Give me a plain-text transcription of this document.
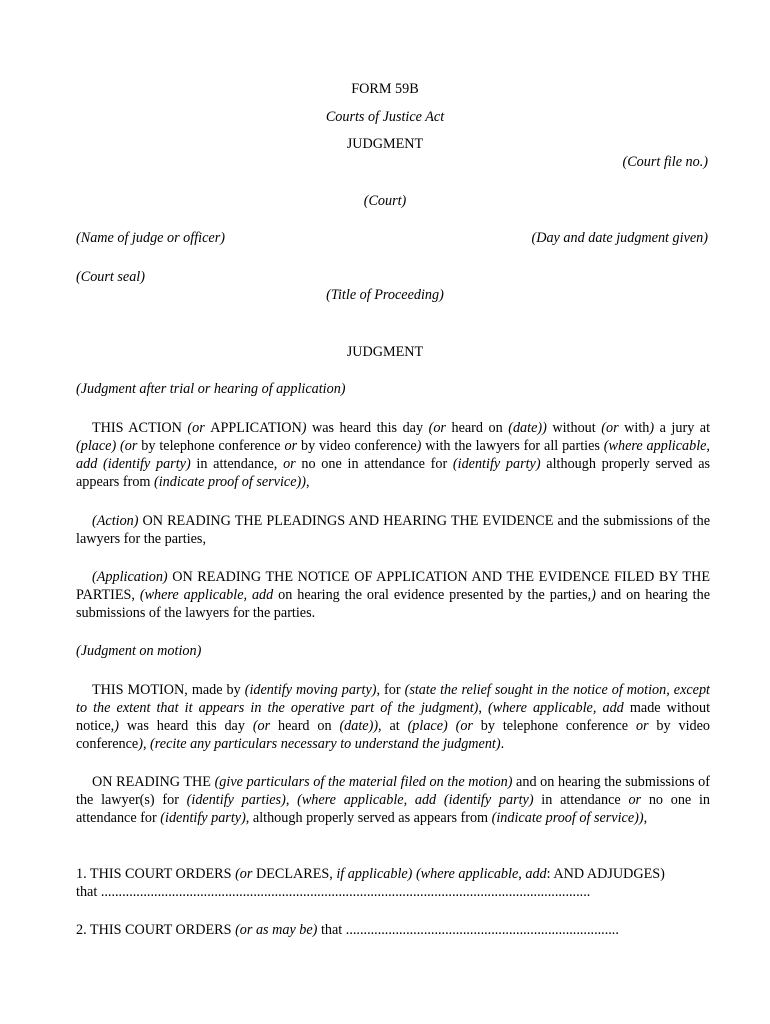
FORM 59B
Courts of Justice Act
JUDGMENT
(Court file no.)
(Court)
(Name of judge or officer)	(Day and date judgment given)
(Court seal)
(Title of Proceeding)
JUDGMENT
(Judgment after trial or hearing of application)
THIS ACTION (or APPLICATION) was heard this day (or heard on (date)) without (or with) a jury at (place) (or by telephone conference or by video conference) with the lawyers for all parties (where applicable, add (identify party) in attendance, or no one in attendance for (identify party) although properly served as appears from (indicate proof of service)),
(Action) ON READING THE PLEADINGS AND HEARING THE EVIDENCE and the submissions of the lawyers for the parties,
(Application) ON READING THE NOTICE OF APPLICATION AND THE EVIDENCE FILED BY THE PARTIES, (where applicable, add on hearing the oral evidence presented by the parties,) and on hearing the submissions of the lawyers for the parties.
(Judgment on motion)
THIS MOTION, made by (identify moving party), for (state the relief sought in the notice of motion, except to the extent that it appears in the operative part of the judgment), (where applicable, add made without notice,) was heard this day (or heard on (date)), at (place) (or by telephone conference or by video conference), (recite any particulars necessary to understand the judgment).
ON READING THE (give particulars of the material filed on the motion) and on hearing the submissions of the lawyer(s) for (identify parties), (where applicable, add (identify party) in attendance or no one in attendance for (identify party), although properly served as appears from (indicate proof of service)),
1. THIS COURT ORDERS (or DECLARES, if applicable) (where applicable, add: AND ADJUDGES)
that ..........................................................................................................................................
2. THIS COURT ORDERS (or as may be) that .............................................................................
